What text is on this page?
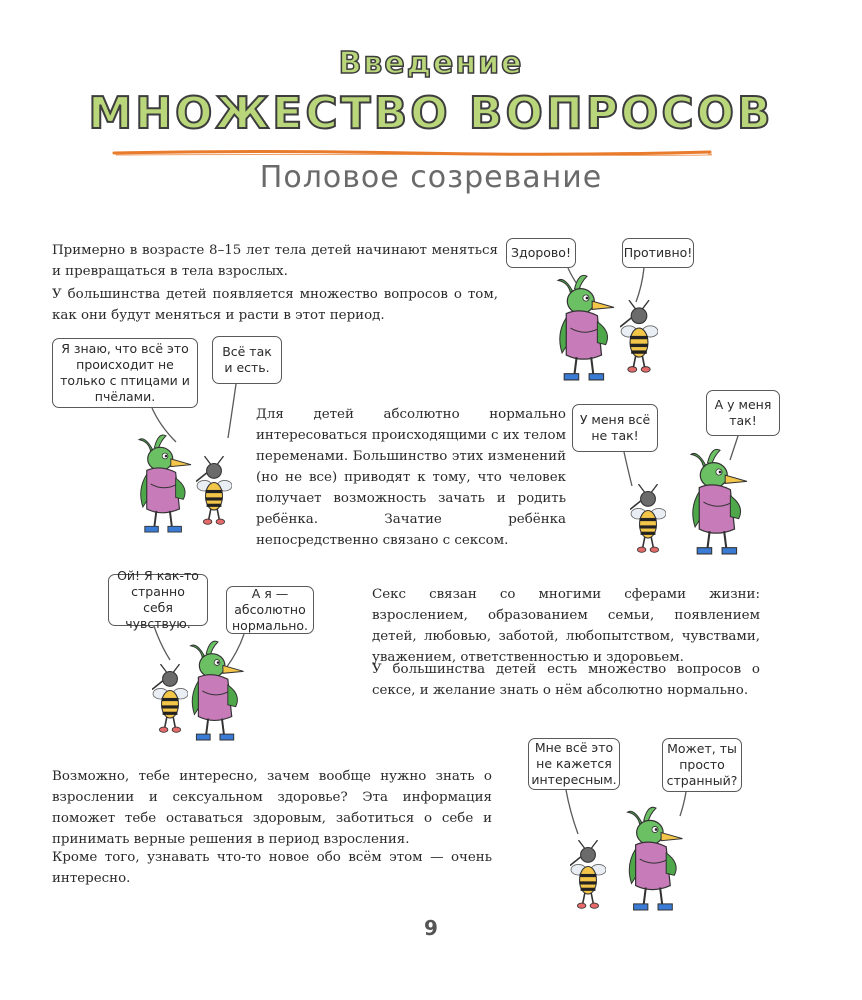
Введение
МНОЖЕСТВО ВОПРОСОВ
Половое созревание

Примерно в возрасте 8–15 лет тела детей начинают меняться и превращаться в тела взрослых.

У большинства детей появляется множество вопросов о том, как они будут меняться и расти в этот период.

Для детей абсолютно нормально интересоваться происходящими с их телом переменами. Большинство этих изменений (но не все) приводят к тому, что человек получает возможность зачать и родить ребёнка. Зачатие ребёнка непосредственно связано с сексом.

Секс связан со многими сферами жизни: взрослением, образованием семьи, появлением детей, любовью, заботой, любопытством, чувствами, уважением, ответственностью и здоровьем.

У большинства детей есть множество вопросов о сексе, и желание знать о нём абсолютно нормально.

Возможно, тебе интересно, зачем вообще нужно знать о взрослении и сексуальном здоровье? Эта информация поможет тебе оставаться здоровым, заботиться о себе и принимать верные решения в период взросления.

Кроме того, узнавать что-то новое обо всём этом — очень интересно.

Здорово!	Противно!
Я знаю, что всё это происходит не только с птицами и пчёлами.
Всё так и есть.
У меня всё не так!
А у меня так!
Ой! Я как-то странно себя чувствую.
А я — абсолютно нормально.
Мне всё это не кажется интересным.
Может, ты просто странный?
9
